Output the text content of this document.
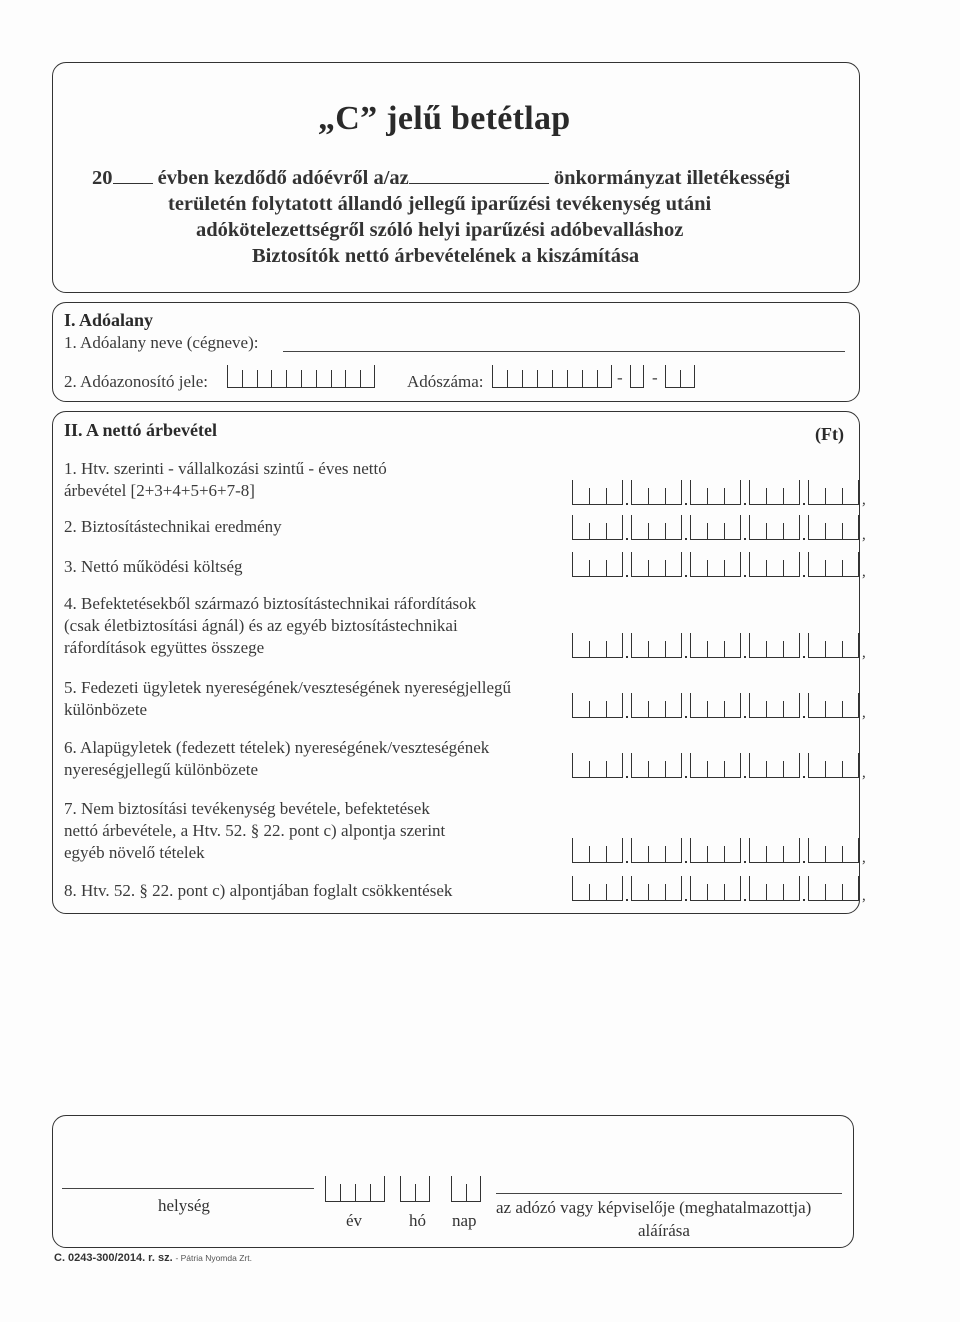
„C” jelű betétlap
20 évben kezdődő adóévről a/az	önkormányzat illetékességi
területén folytatott állandó jellegű iparűzési tevékenység utáni
adókötelezettségről szóló helyi iparűzési adóbevalláshoz
Biztosítók nettó árbevételének a kiszámítása
I. Adóalany
1. Adóalany neve (cégneve):
2. Adóazonosító jele:	Adószáma:	- -
II. A nettó árbevétel	(Ft)
1. Htv. szerinti - vállalkozási szintű - éves nettó
árbevétel [2+3+4+5+6+7-8]	,
2. Biztosítástechnikai eredmény	,
3. Nettó működési költség	,
4. Befektetésekből származó biztosítástechnikai ráfordítások
(csak életbiztosítási ágnál) és az egyéb biztosítástechnikai
ráfordítások együttes összege	,
5. Fedezeti ügyletek nyereségének/veszteségének nyereségjellegű
különbözete	,
6. Alapügyletek (fedezett tételek) nyereségének/veszteségének
nyereségjellegű különbözete	,
7. Nem biztosítási tevékenység bevétele, befektetések
nettó árbevétele, a Htv. 52. § 22. pont c) alpontja szerint
egyéb növelő tételek	,
8. Htv. 52. § 22. pont c) alpontjában foglalt csökkentések	,
helység
év	hó nap
az adózó vagy képviselője (meghatalmazottja)
aláírása
C. 0243-300/2014. r. sz. - Pátria Nyomda Zrt.
